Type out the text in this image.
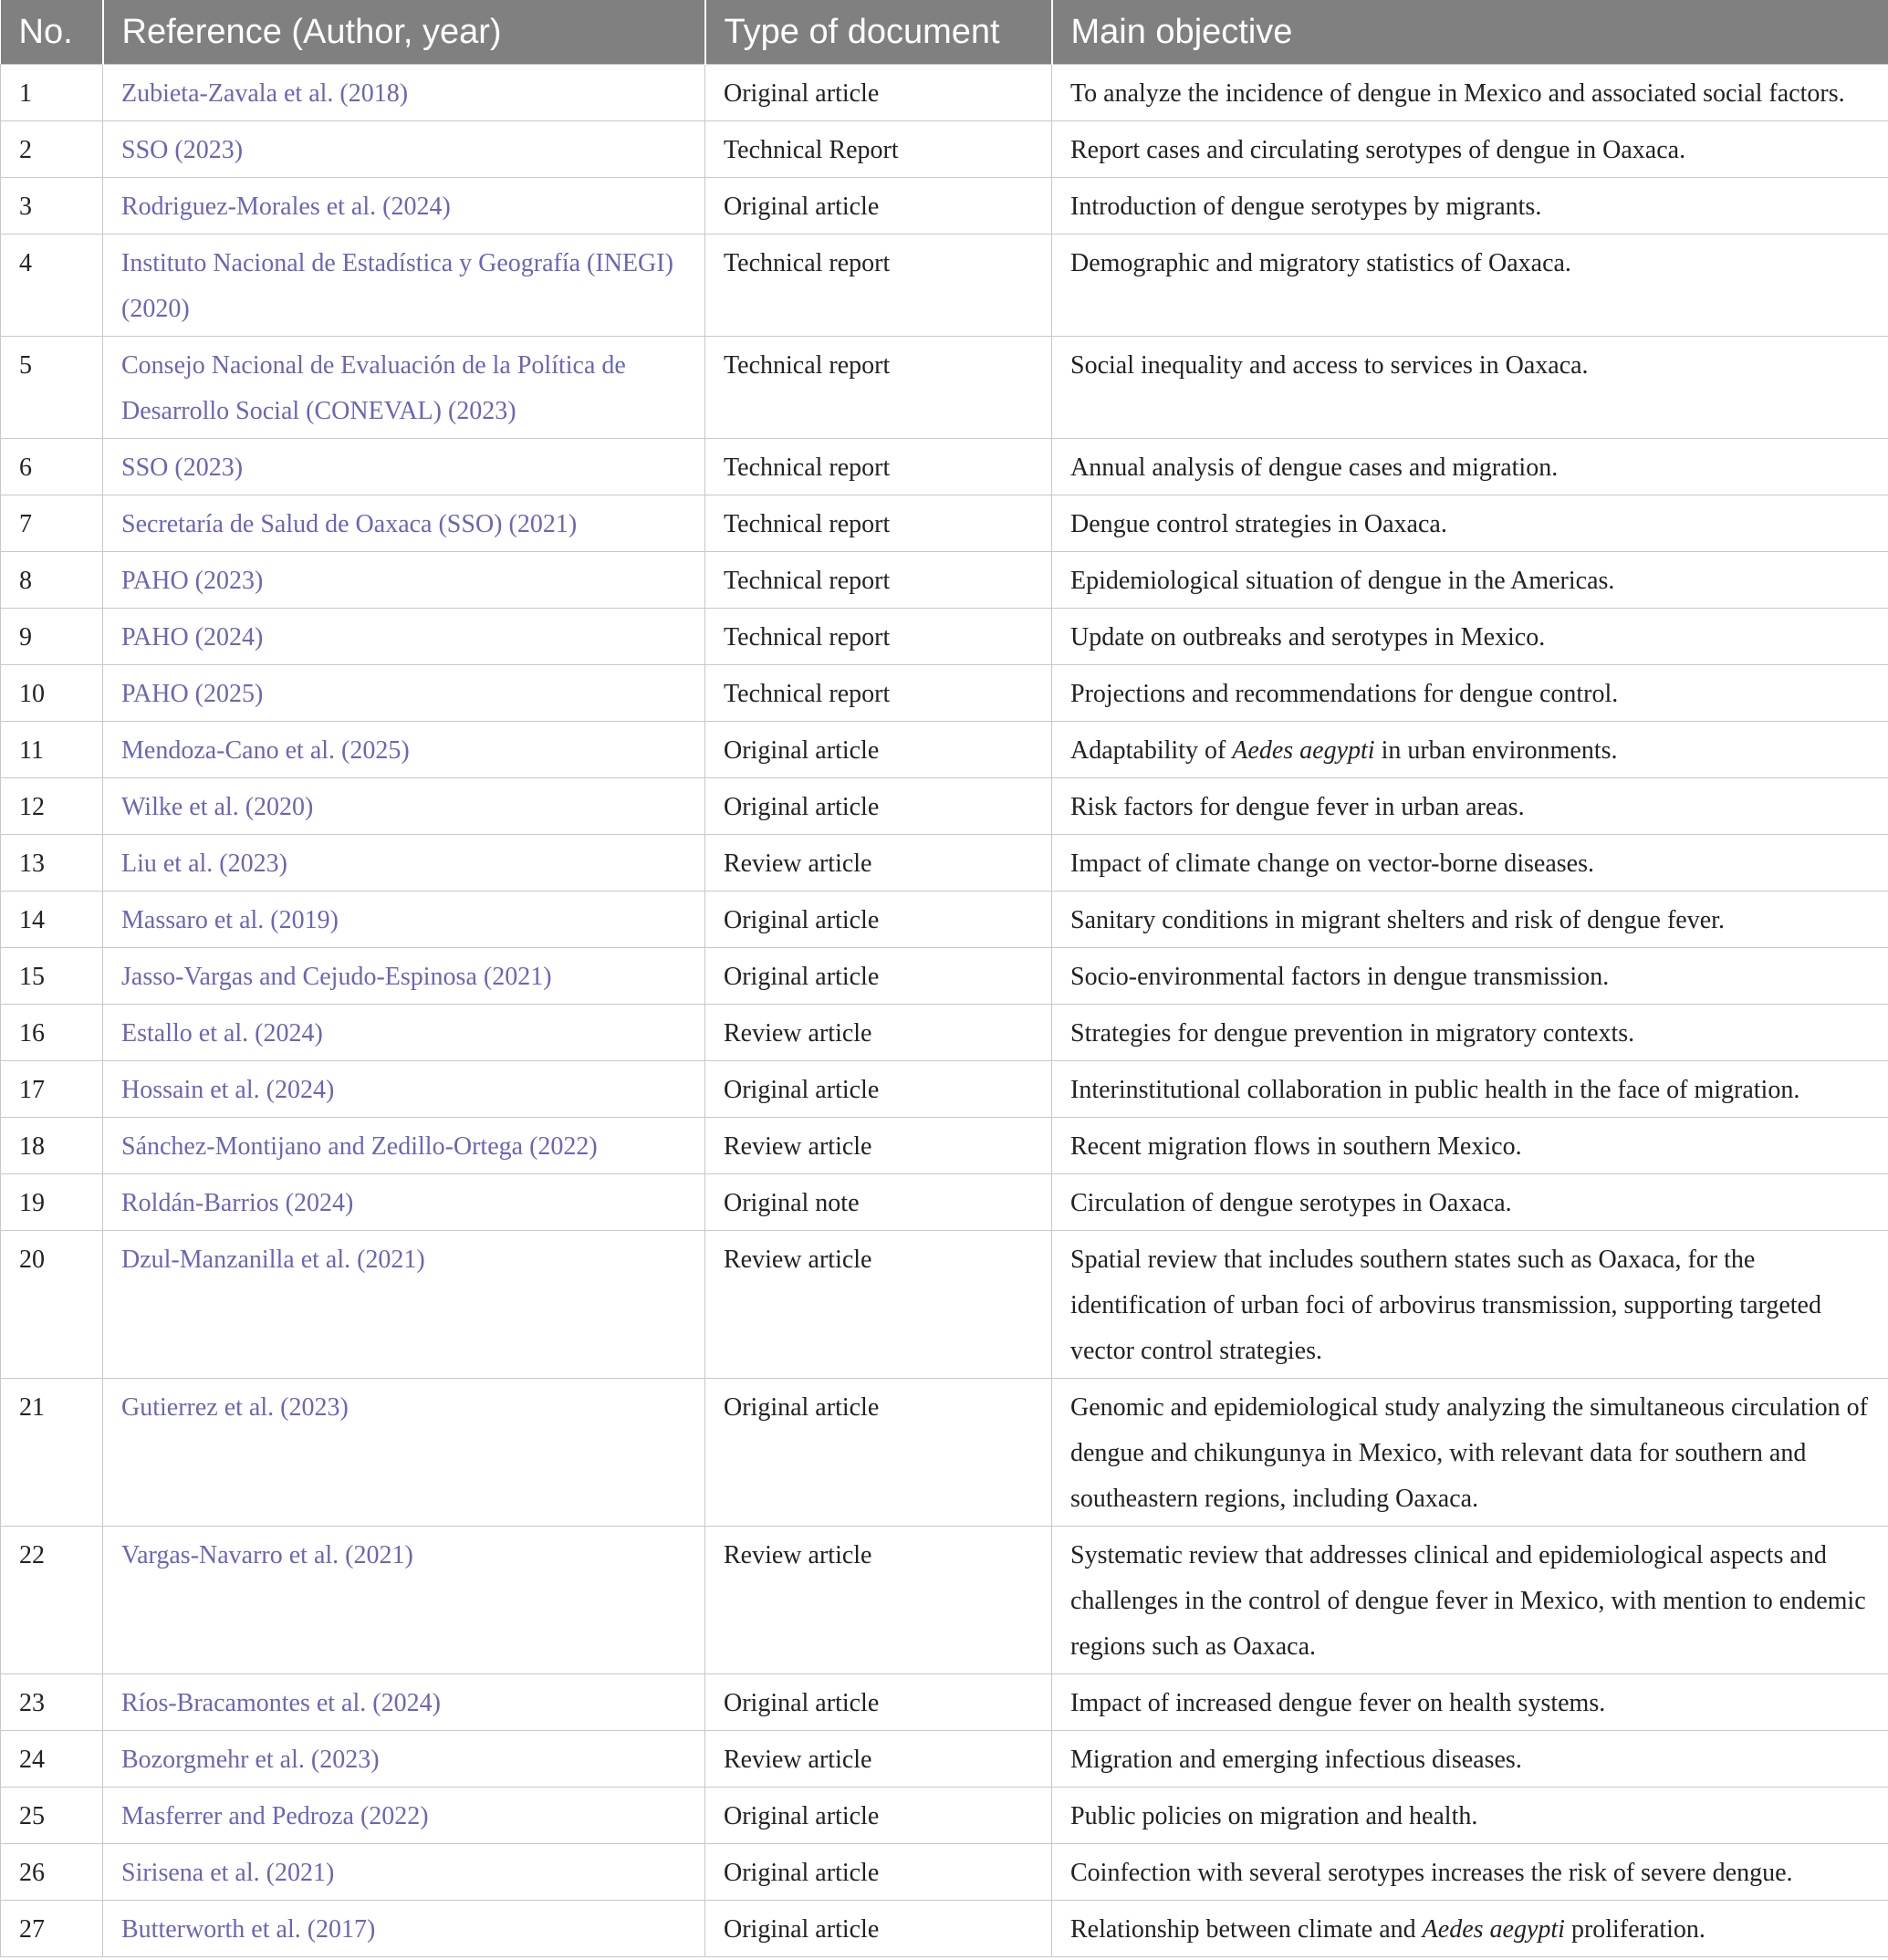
No.	Reference (Author, year)	Type of document	Main objective
1	Zubieta-Zavala et al. (2018)	Original article	To analyze the incidence of dengue in Mexico and associated social factors.
2	SSO (2023)	Technical Report	Report cases and circulating serotypes of dengue in Oaxaca.
3	Rodriguez-Morales et al. (2024)	Original article	Introduction of dengue serotypes by migrants.
4	Instituto Nacional de Estadística y Geografía (INEGI) (2020)	Technical report	Demographic and migratory statistics of Oaxaca.
5	Consejo Nacional de Evaluación de la Política de Desarrollo Social (CONEVAL) (2023)	Technical report	Social inequality and access to services in Oaxaca.
6	SSO (2023)	Technical report	Annual analysis of dengue cases and migration.
7	Secretaría de Salud de Oaxaca (SSO) (2021)	Technical report	Dengue control strategies in Oaxaca.
8	PAHO (2023)	Technical report	Epidemiological situation of dengue in the Americas.
9	PAHO (2024)	Technical report	Update on outbreaks and serotypes in Mexico.
10	PAHO (2025)	Technical report	Projections and recommendations for dengue control.
11	Mendoza-Cano et al. (2025)	Original article	Adaptability of Aedes aegypti in urban environments.
12	Wilke et al. (2020)	Original article	Risk factors for dengue fever in urban areas.
13	Liu et al. (2023)	Review article	Impact of climate change on vector-borne diseases.
14	Massaro et al. (2019)	Original article	Sanitary conditions in migrant shelters and risk of dengue fever.
15	Jasso-Vargas and Cejudo-Espinosa (2021)	Original article	Socio-environmental factors in dengue transmission.
16	Estallo et al. (2024)	Review article	Strategies for dengue prevention in migratory contexts.
17	Hossain et al. (2024)	Original article	Interinstitutional collaboration in public health in the face of migration.
18	Sánchez-Montijano and Zedillo-Ortega (2022)	Review article	Recent migration flows in southern Mexico.
19	Roldán-Barrios (2024)	Original note	Circulation of dengue serotypes in Oaxaca.
20	Dzul-Manzanilla et al. (2021)	Review article	Spatial review that includes southern states such as Oaxaca, for the identification of urban foci of arbovirus transmission, supporting targeted vector control strategies.
21	Gutierrez et al. (2023)	Original article	Genomic and epidemiological study analyzing the simultaneous circulation of dengue and chikungunya in Mexico, with relevant data for southern and southeastern regions, including Oaxaca.
22	Vargas-Navarro et al. (2021)	Review article	Systematic review that addresses clinical and epidemiological aspects and challenges in the control of dengue fever in Mexico, with mention to endemic regions such as Oaxaca.
23	Ríos-Bracamontes et al. (2024)	Original article	Impact of increased dengue fever on health systems.
24	Bozorgmehr et al. (2023)	Review article	Migration and emerging infectious diseases.
25	Masferrer and Pedroza (2022)	Original article	Public policies on migration and health.
26	Sirisena et al. (2021)	Original article	Coinfection with several serotypes increases the risk of severe dengue.
27	Butterworth et al. (2017)	Original article	Relationship between climate and Aedes aegypti proliferation.
